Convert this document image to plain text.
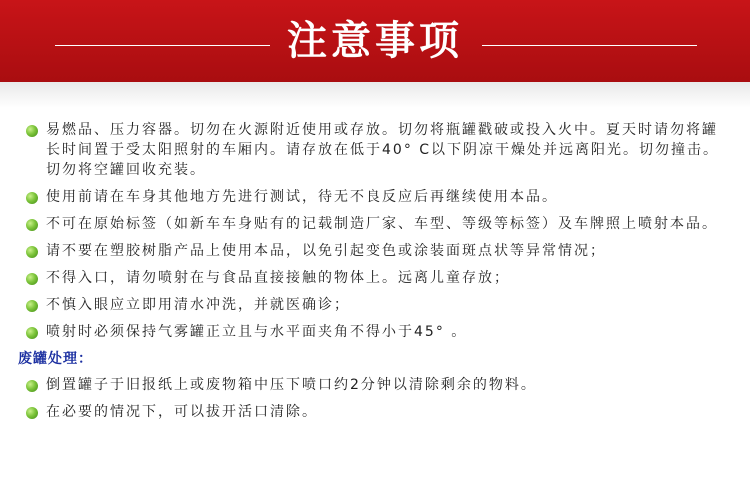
注意事项
易燃品、压力容器。切勿在火源附近使用或存放。切勿将瓶罐戳破或投入火中。夏天时请勿将罐长时间置于受太阳照射的车厢内。请存放在低于40° C以下阴凉干燥处并远离阳光。切勿撞击。切勿将空罐回收充装。
使用前请在车身其他地方先进行测试，待无不良反应后再继续使用本品。
不可在原始标签（如新车车身贴有的记载制造厂家、车型、等级等标签）及车牌照上喷射本品。
请不要在塑胶树脂产品上使用本品，以免引起变色或涂装面斑点状等异常情况；
不得入口，请勿喷射在与食品直接接触的物体上。远离儿童存放；
不慎入眼应立即用清水冲洗，并就医确诊；
喷射时必须保持气雾罐正立且与水平面夹角不得小于45° 。
废罐处理：
倒置罐子于旧报纸上或废物箱中压下喷口约2分钟以清除剩余的物料。
在必要的情况下，可以拔开活口清除。
